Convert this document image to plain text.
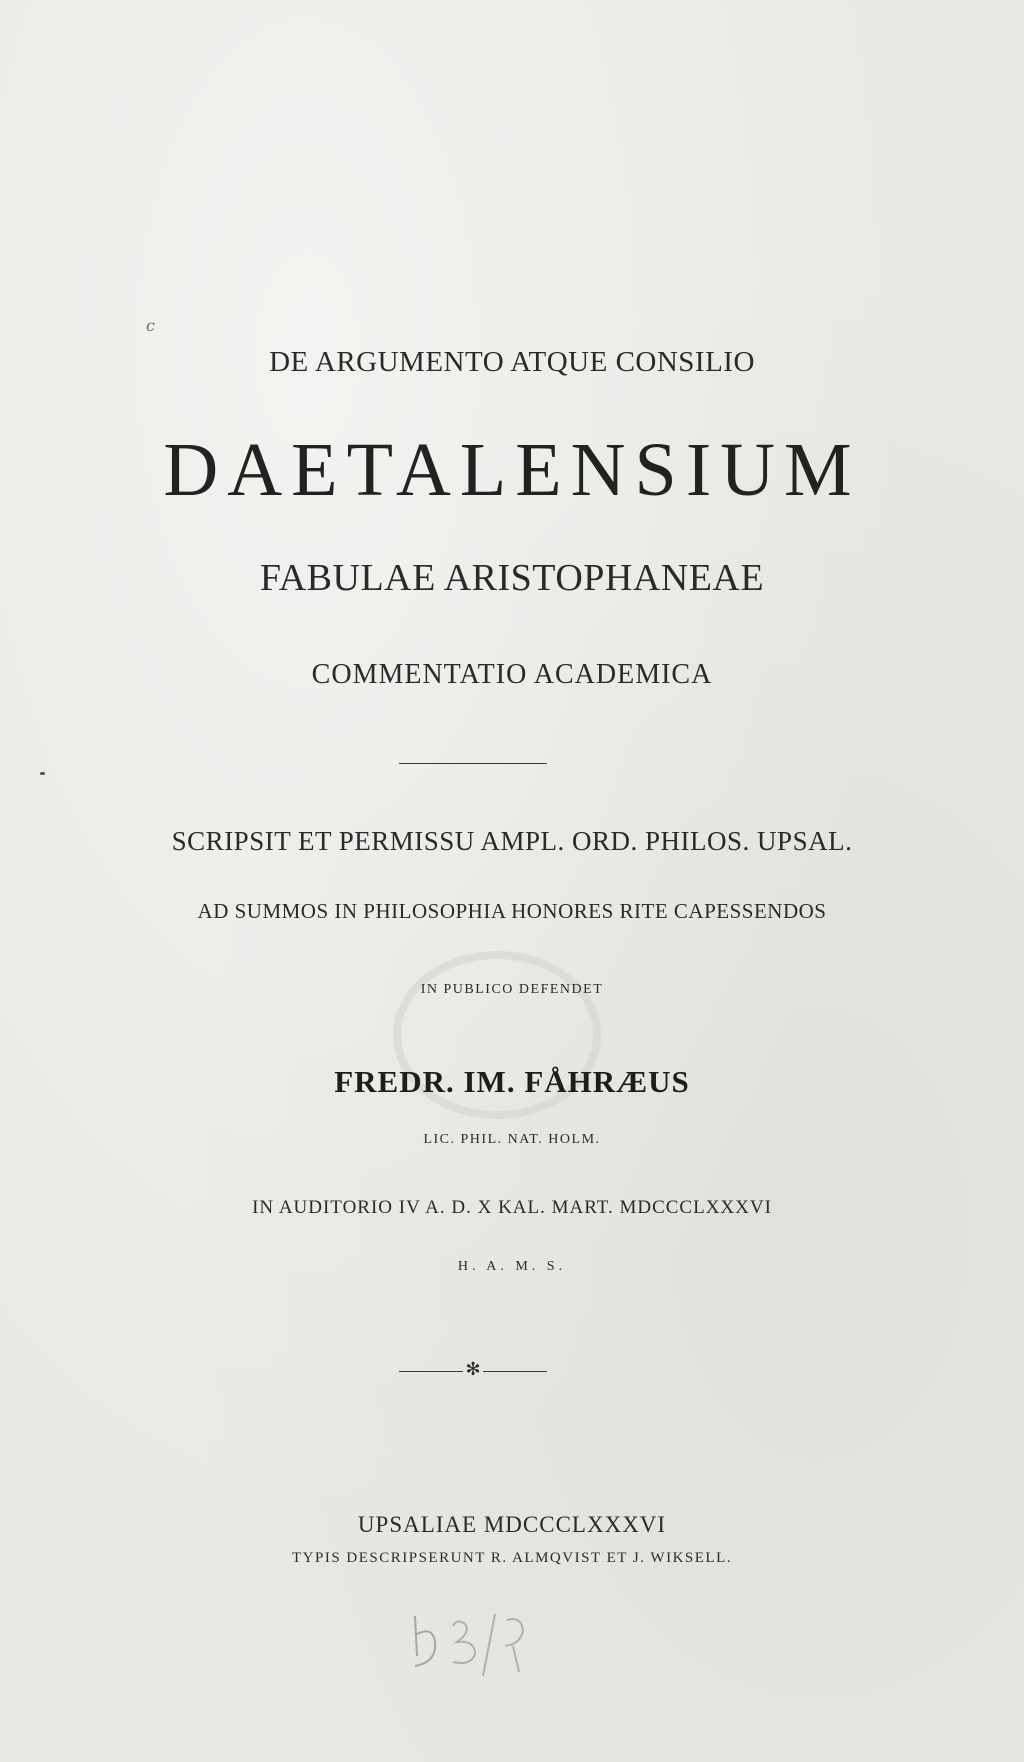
c

DE ARGUMENTO ATQUE CONSILIO

DAETALENSIUM

FABULAE ARISTOPHANEAE

COMMENTATIO ACADEMICA

SCRIPSIT ET PERMISSU AMPL. ORD. PHILOS. UPSAL.

AD SUMMOS IN PHILOSOPHIA HONORES RITE CAPESSENDOS

IN PUBLICO DEFENDET

FREDR. IM. FÅHRÆUS

LIC. PHIL. NAT. HOLM.

IN AUDITORIO IV A. D. X KAL. MART. MDCCCLXXXVI

H. A. M. S.

✻

UPSALIAE MDCCCLXXXVI

TYPIS DESCRIPSERUNT R. ALMQVIST ET J. WIKSELL.
